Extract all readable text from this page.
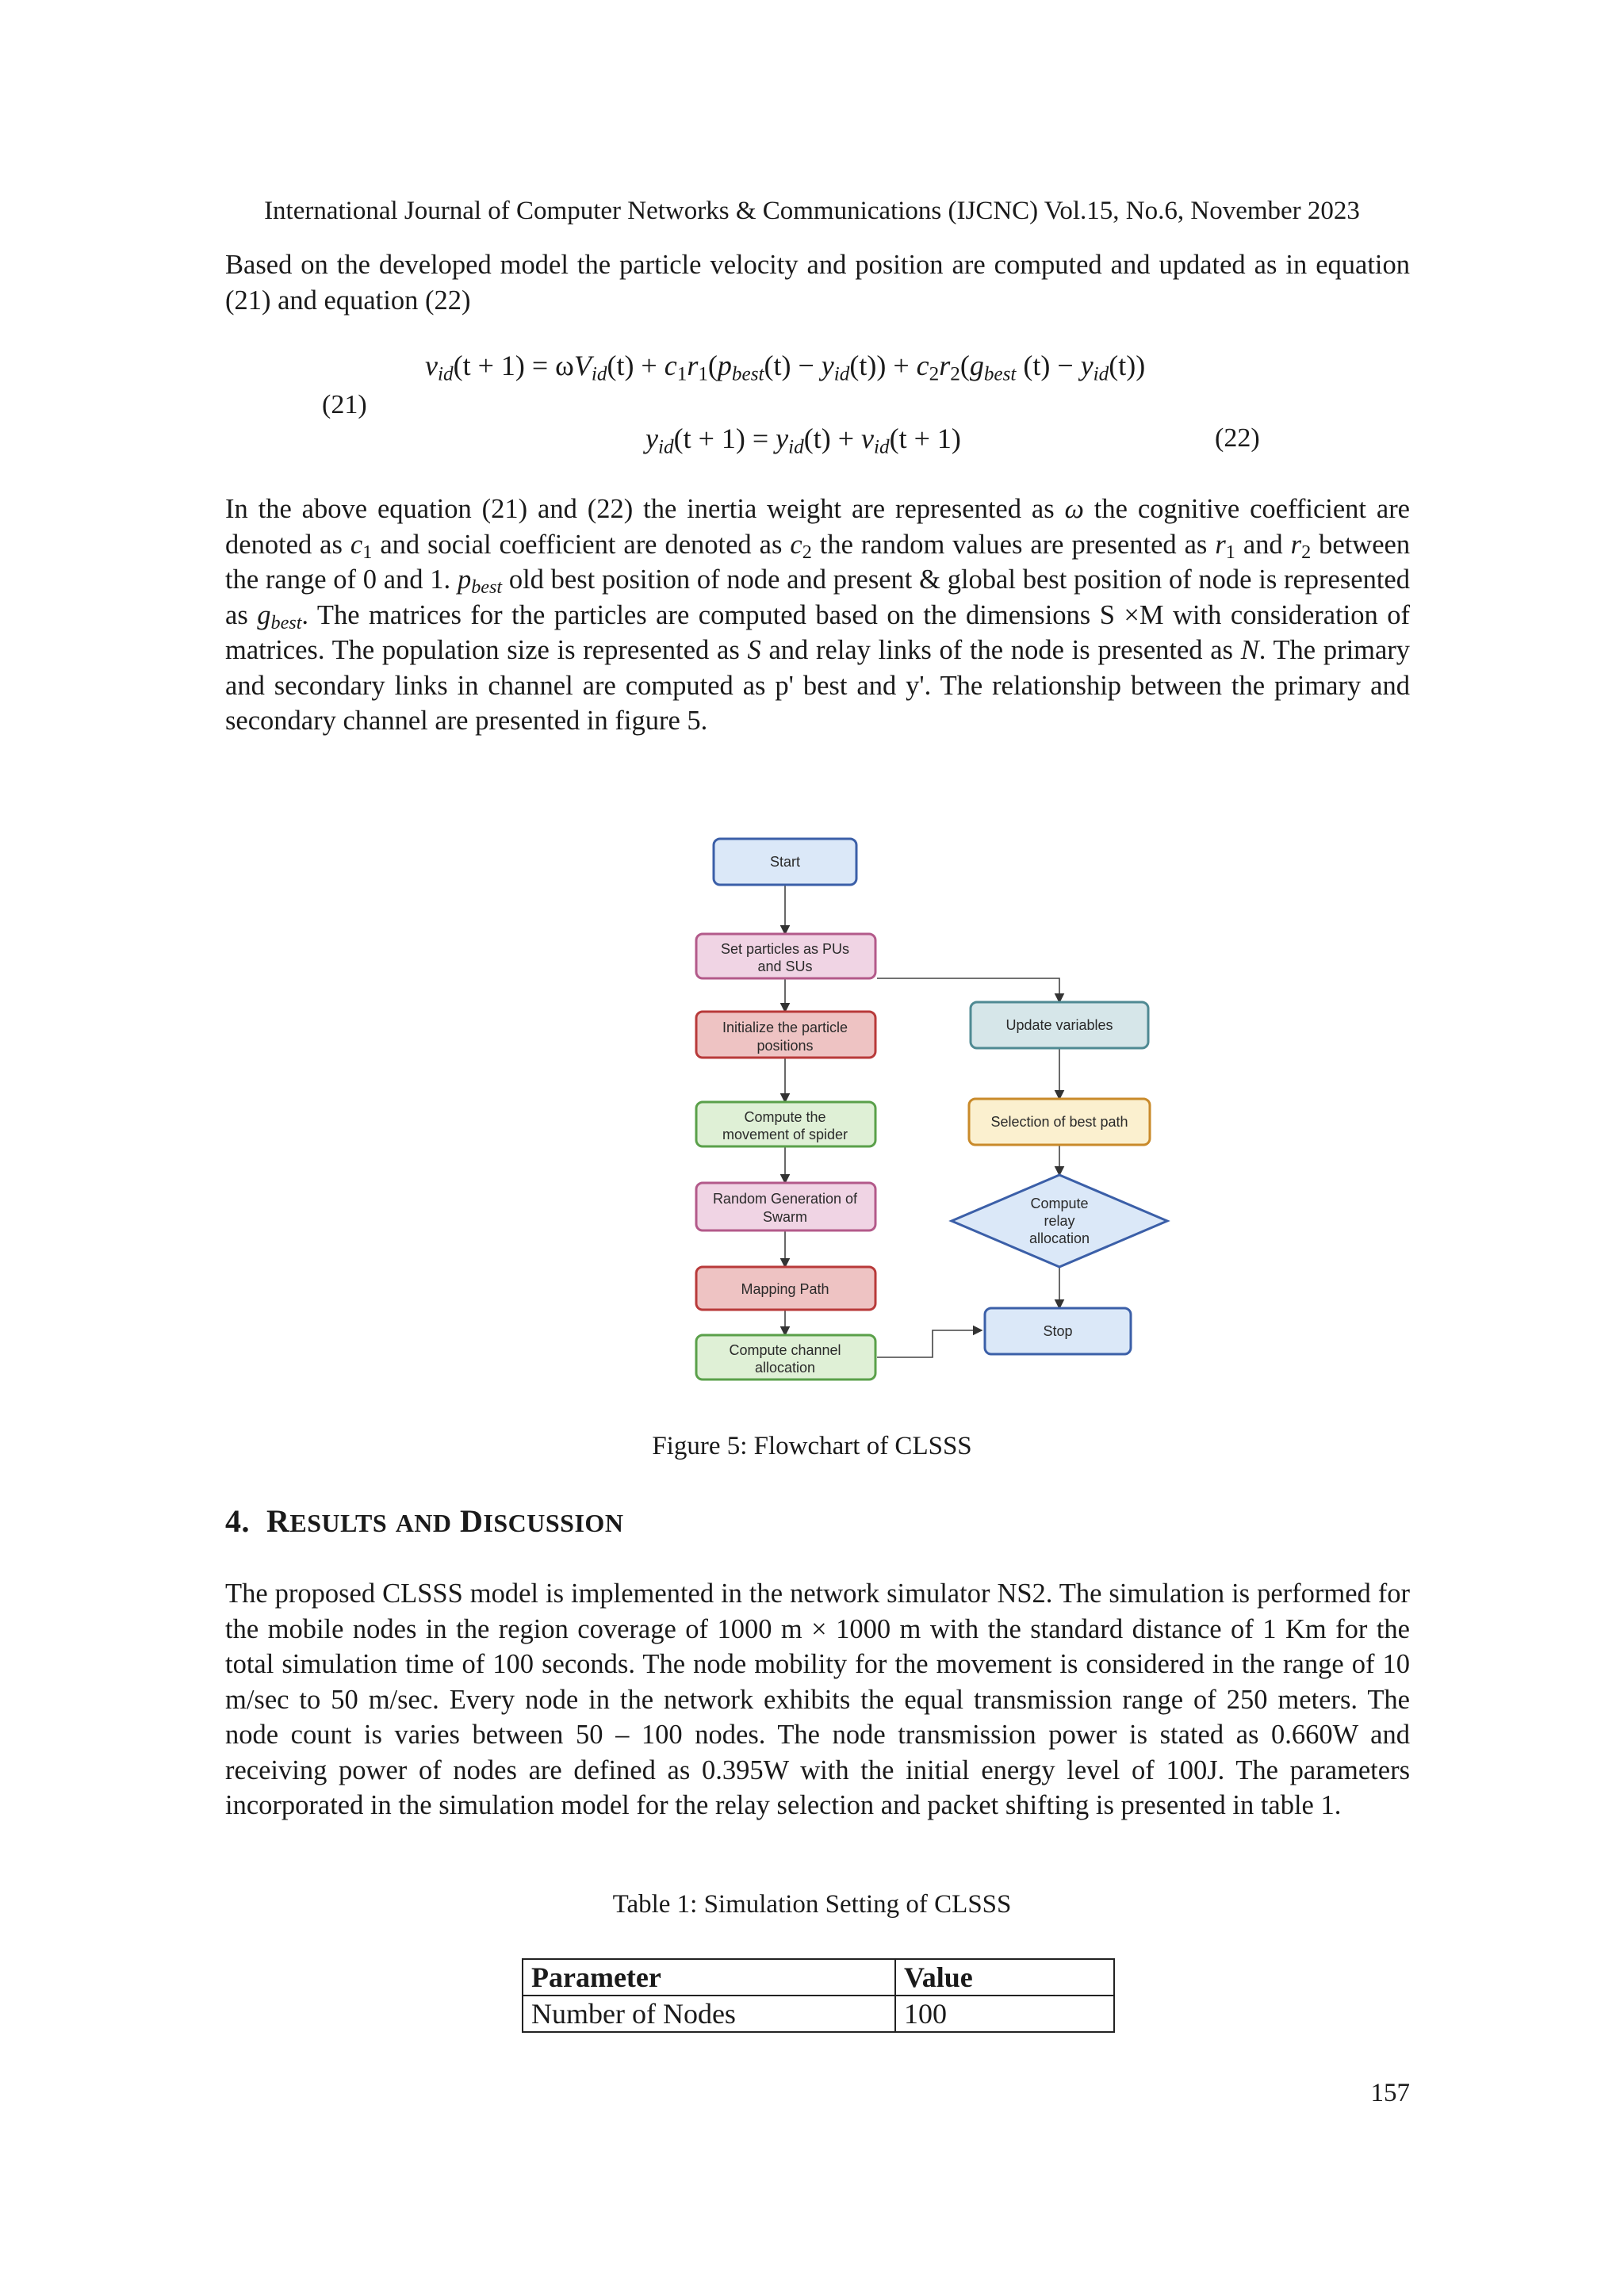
International Journal of Computer Networks & Communications (IJCNC) Vol.15, No.6, November 2023
Based on the developed model the particle velocity and position are computed and updated as in equation (21) and equation (22)
$v_{id}(t + 1) = \omega V_{id}(t) + c_1r_1(p_{best}(t) - y_{id}(t)) + c_2r_2(g_{best}$ $(t) - y_{id}(t)$)
(21)
$y_{id}(t + 1) = y_{id}(t) + v_{id}(t + 1)$	(22)
In the above equation (21) and (22) the inertia weight are represented as ω the cognitive coefficient are denoted as $c_1$ and social coefficient are denoted as $c_2$ the random values are presented as $r_1$ and $r_2$ between the range of 0 and 1. $p_{best}$ old best position of node and present & global best position of node is represented as $g_{best}$. The matrices for the particles are computed based on the dimensions S ×M with consideration of matrices. The population size is represented as S and relay links of the node is presented as N. The primary and secondary links in channel are computed as p' best and y'. The relationship between the primary and secondary channel are presented in figure 5.
Start
Set particles as PUs
and SUs
Initialize the particle
positions
Compute the
movement of spider
Random Generation of
Swarm
Mapping Path
Compute channel
allocation
Update variables
Selection of best path
Compute
relay
allocation
Stop
Figure 5: Flowchart of CLSSS
4. RESULTS AND DISCUSSION
The proposed CLSSS model is implemented in the network simulator NS2. The simulation is performed for the mobile nodes in the region coverage of 1000 m × 1000 m with the standard distance of 1 Km for the total simulation time of 100 seconds. The node mobility for the movement is considered in the range of 10 m/sec to 50 m/sec. Every node in the network exhibits the equal transmission range of 250 meters. The node count is varies between 50 – 100 nodes. The node transmission power is stated as 0.660W and receiving power of nodes are defined as 0.395W with the initial energy level of 100J. The parameters incorporated in the simulation model for the relay selection and packet shifting is presented in table 1.
Table 1: Simulation Setting of CLSSS
Parameter	Value
Number of Nodes	100
157
